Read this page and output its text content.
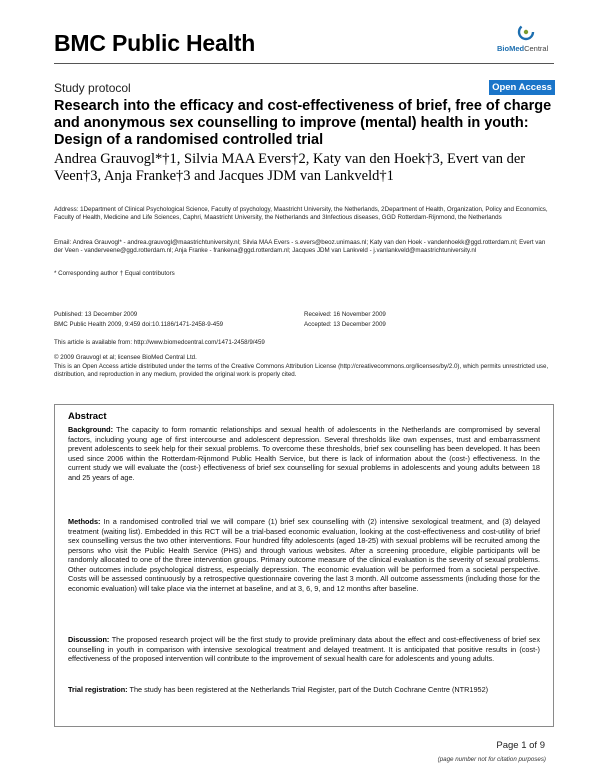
BMC Public Health	BioMedCentral
Study protocol	Open Access
Research into the efficacy and cost-effectiveness of brief, free of charge and anonymous sex counselling to improve (mental) health in youth: Design of a randomised controlled trial
Andrea Grauvogl*†1, Silvia MAA Evers†2, Katy van den Hoek†3, Evert van der Veen†3, Anja Franke†3 and Jacques JDM van Lankveld†1
Address: 1Department of Clinical Psychological Science, Faculty of psychology, Maastricht University, the Netherlands, 2Department of Health, Organization, Policy and Economics, Faculty of Health, Medicine and Life Sciences, Caphri, Maastricht University, the Netherlands and 3Infectious diseases, GGD Rotterdam-Rijnmond, the Netherlands
Email: Andrea Grauvogl* - andrea.grauvogl@maastrichtuniversity.nl; Silvia MAA Evers - s.evers@beoz.unimaas.nl; Katy van den Hoek - vandenhoekk@ggd.rotterdam.nl; Evert van der Veen - vanderveene@ggd.rotterdam.nl; Anja Franke - frankena@ggd.rotterdam.nl; Jacques JDM van Lankveld - j.vanlankveld@maastrichtuniversity.nl
* Corresponding author † Equal contributors
Published: 13 December 2009
BMC Public Health 2009, 9:459 doi:10.1186/1471-2458-9-459
Received: 16 November 2009
Accepted: 13 December 2009
This article is available from: http://www.biomedcentral.com/1471-2458/9/459
© 2009 Grauvogl et al; licensee BioMed Central Ltd.
This is an Open Access article distributed under the terms of the Creative Commons Attribution License (http://creativecommons.org/licenses/by/2.0), which permits unrestricted use, distribution, and reproduction in any medium, provided the original work is properly cited.
Abstract
Background: The capacity to form romantic relationships and sexual health of adolescents in the Netherlands are compromised by several factors, including young age of first intercourse and adolescent depression. Several thresholds like own expenses, trust and embarrassment prevent adolescents to seek help for their sexual problems. To overcome these thresholds, brief sex counselling has been developed. It has been used since 2006 within the Rotterdam-Rijnmond Public Health Service, but there is lack of information about the (cost-) effectiveness. In the current study we will evaluate the (cost-) effectiveness of brief sex counselling for sexual problems in adolescents and young adults between 18 and 25 years of age.
Methods: In a randomised controlled trial we will compare (1) brief sex counselling with (2) intensive sexological treatment, and (3) delayed treatment (waiting list). Embedded in this RCT will be a trial-based economic evaluation, looking at the cost-effectiveness and cost-utility of brief sex counselling versus the two other interventions. Four hundred fifty adolescents (aged 18-25) with sexual problems will be recruited among the persons who visit the Public Health Service (PHS) and through various websites. After a screening procedure, eligible participants will be randomly allocated to one of the three intervention groups. Primary outcome measure of the clinical evaluation is the severity of sexual problems. Other outcomes include psychological distress, especially depression. The economic evaluation will be performed from a societal perspective. Costs will be assessed continuously by a retrospective questionnaire covering the last 3 month. All outcome assessments (including those for the economic evaluation) will take place via the internet at baseline, and at 3, 6, 9, and 12 months after baseline.
Discussion: The proposed research project will be the first study to provide preliminary data about the effect and cost-effectiveness of brief sex counselling in youth in comparison with intensive sexological treatment and delayed treatment. It is anticipated that positive results in (cost-) effectiveness of the proposed intervention will contribute to the improvement of sexual health care for adolescents and young adults.
Trial registration: The study has been registered at the Netherlands Trial Register, part of the Dutch Cochrane Centre (NTR1952)
Page 1 of 9
(page number not for citation purposes)
